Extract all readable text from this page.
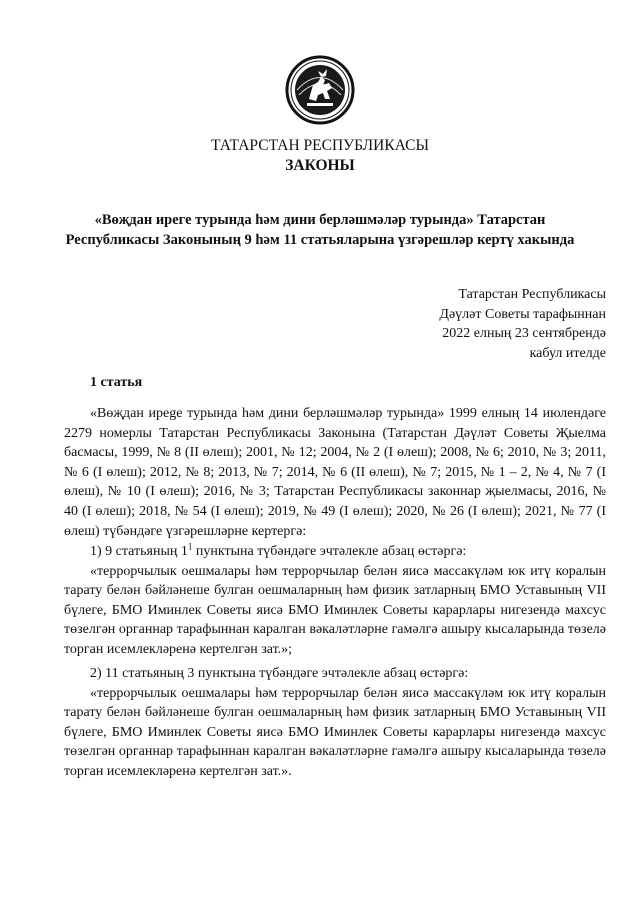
ТАТАРСТАН РЕСПУБЛИКАСЫ
ЗАКОНЫ
«Вөҗдан иреге турында һәм дини берләшмәләр турында» Татарстан
Республикасы Законының 9 һәм 11 статьяларына үзгәрешләр кертү хакында
Татарстан Республикасы
Дәүләт Советы тарафыннан
2022 елның 23 сентябрендә
кабул ителде
1 статья

«Вөҗдан ирege турында һәм дини берләшмәләр турында» 1999 елның 14 июлендәге 2279 номерлы Татарстан Республикасы Законына (Татарстан Дәүләт Советы Җыелма басмасы, 1999, № 8 (II өлеш); 2001, № 12; 2004, № 2 (I өлеш); 2008, № 6; 2010, № 3; 2011, № 6 (I өлеш); 2012, № 8; 2013, № 7; 2014, № 6 (II өлеш), № 7; 2015, № 1 – 2, № 4, № 7 (I өлеш), № 10 (I өлеш); 2016, № 3; Татарстан Республикасы законнар җыелмасы, 2016, № 40 (I өлеш); 2018, № 54 (I өлеш); 2019, № 49 (I өлеш); 2020, № 26 (I өлеш); 2021, № 77 (I өлеш) түбәндәге үзгәрешләрне кертергә:

1) 9 статьяның $1^1$ пунктына түбәндәге эчтәлекле абзац өстәргә:

«террорчылык оешмалары һәм террорчылар белән яисә массакүләм юк итү коралын тарату белән бәйләнеше булган оешмаларның һәм физик затларның БМО Уставының VII бүлеге, БМО Иминлек Советы яисә БМО Иминлек Советы карарлары нигезендә махсус төзелгән органнар тарафыннан каралган вәкаләтләрне гамәлгә ашыру кысаларында төзелә торган исемлекләренә кертелгән зат.»;

2) 11 статьяның 3 пунктына түбәндәге эчтәлекле абзац өстәргә:

«террорчылык оешмалары һәм террорчылар белән яисә массакүләм юк итү коралын тарату белән бәйләнеше булган оешмаларның һәм физик затларның БМО Уставының VII бүлеге, БМО Иминлек Советы яисә БМО Иминлек Советы карарлары нигезендә махсус төзелгән органнар тарафыннан каралган вәкаләтләрне гамәлгә ашыру кысаларында төзелә торган исемлекләренә кертелгән зат.».
